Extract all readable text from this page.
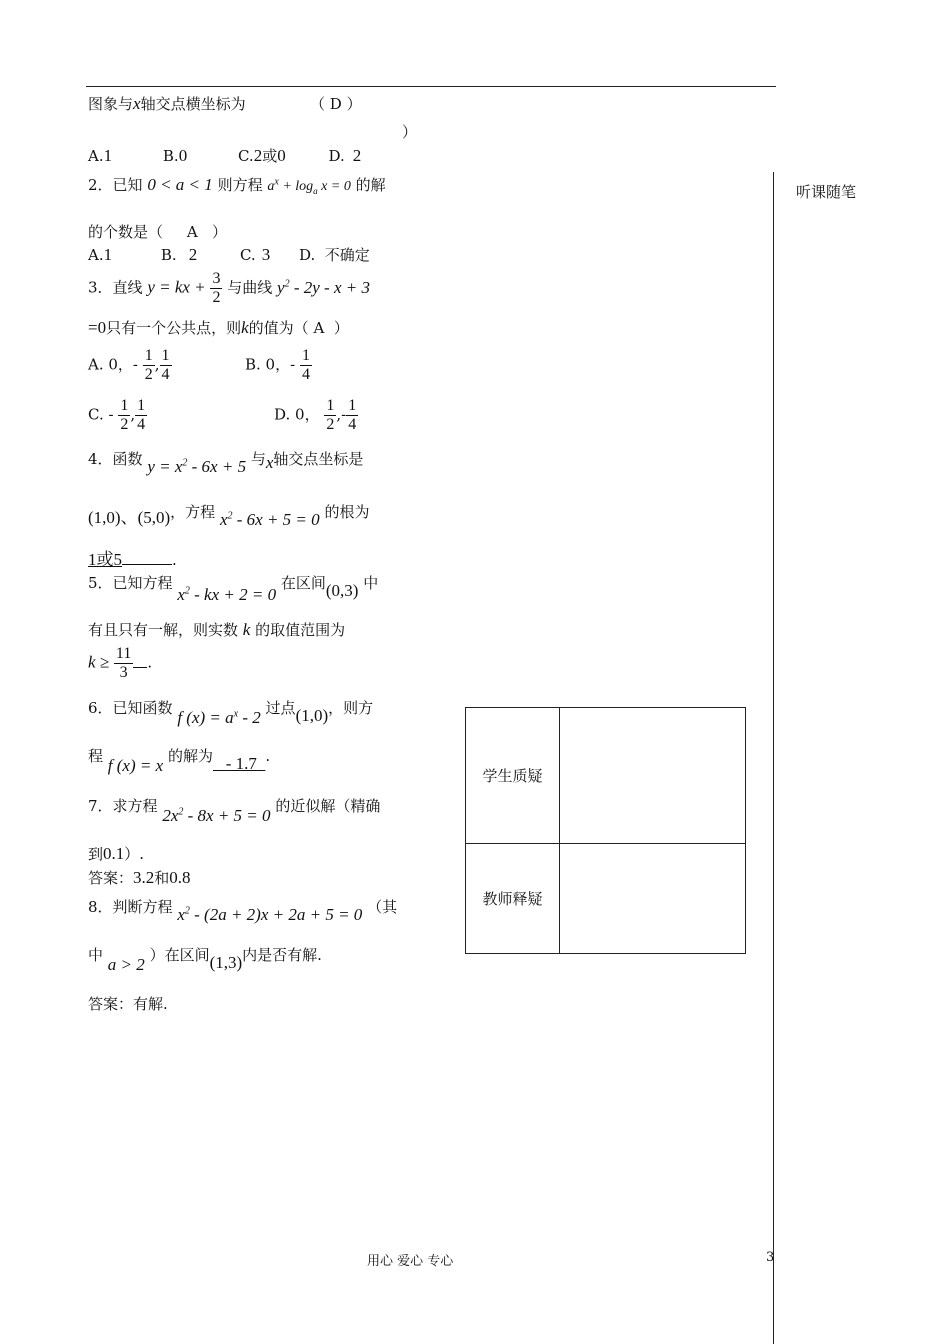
听课随笔
图象与x轴交点横坐标为	（ D ）
）
A.1	B.0	C.2或0	D. 2
2．已知 0 < a < 1 则方程 $a^x + \log_a x = 0$ 的解
的个数是（ A ）
A.1	B. 2	C. 3 D. 不确定
3．直线 y = kx + $\frac{3}{2}$ 与曲线 $y^2 - 2y - x + 3$
=0只有一个公共点，则k的值为（ A ）
A. 0，- $\frac{1}{2}$ , $\frac{1}{4}$	B. 0，- $\frac{1}{4}$
C. - $\frac{1}{2}$ , $\frac{1}{4}$	D. 0， $\frac{1}{2}$ ,- $\frac{1}{4}$
4．函数 $y = x^2 - 6x + 5$ 与x轴交点坐标是
(1,0)、(5,0)，方程 $x^2 - 6x + 5 = 0$ 的根为
1或5	.
5．已知方程 $x^2$ - kx + 2 = 0 在区间(0,3) 中
有且只有一解，则实数 k 的取值范围为
$k \ge \frac{11}{3}$ .
6．已知函数 f $(x) = a^x - 2$ 过点(1,0)，则方
程 f (x) = x 的解为 - 1.7 .
7．求方程 $2x^2 - 8x + 5 = 0$ 的近似解（精确
到0.1）.
答案：3.2和0.8
8．判断方程 $x^2 - (2a + 2)x + 2a + 5 = 0$ （其
中 a > 2 ）在区间(1,3)内是否有解.
答案：有解.
学生质疑
教师释疑
用心 爱心 专心	3
